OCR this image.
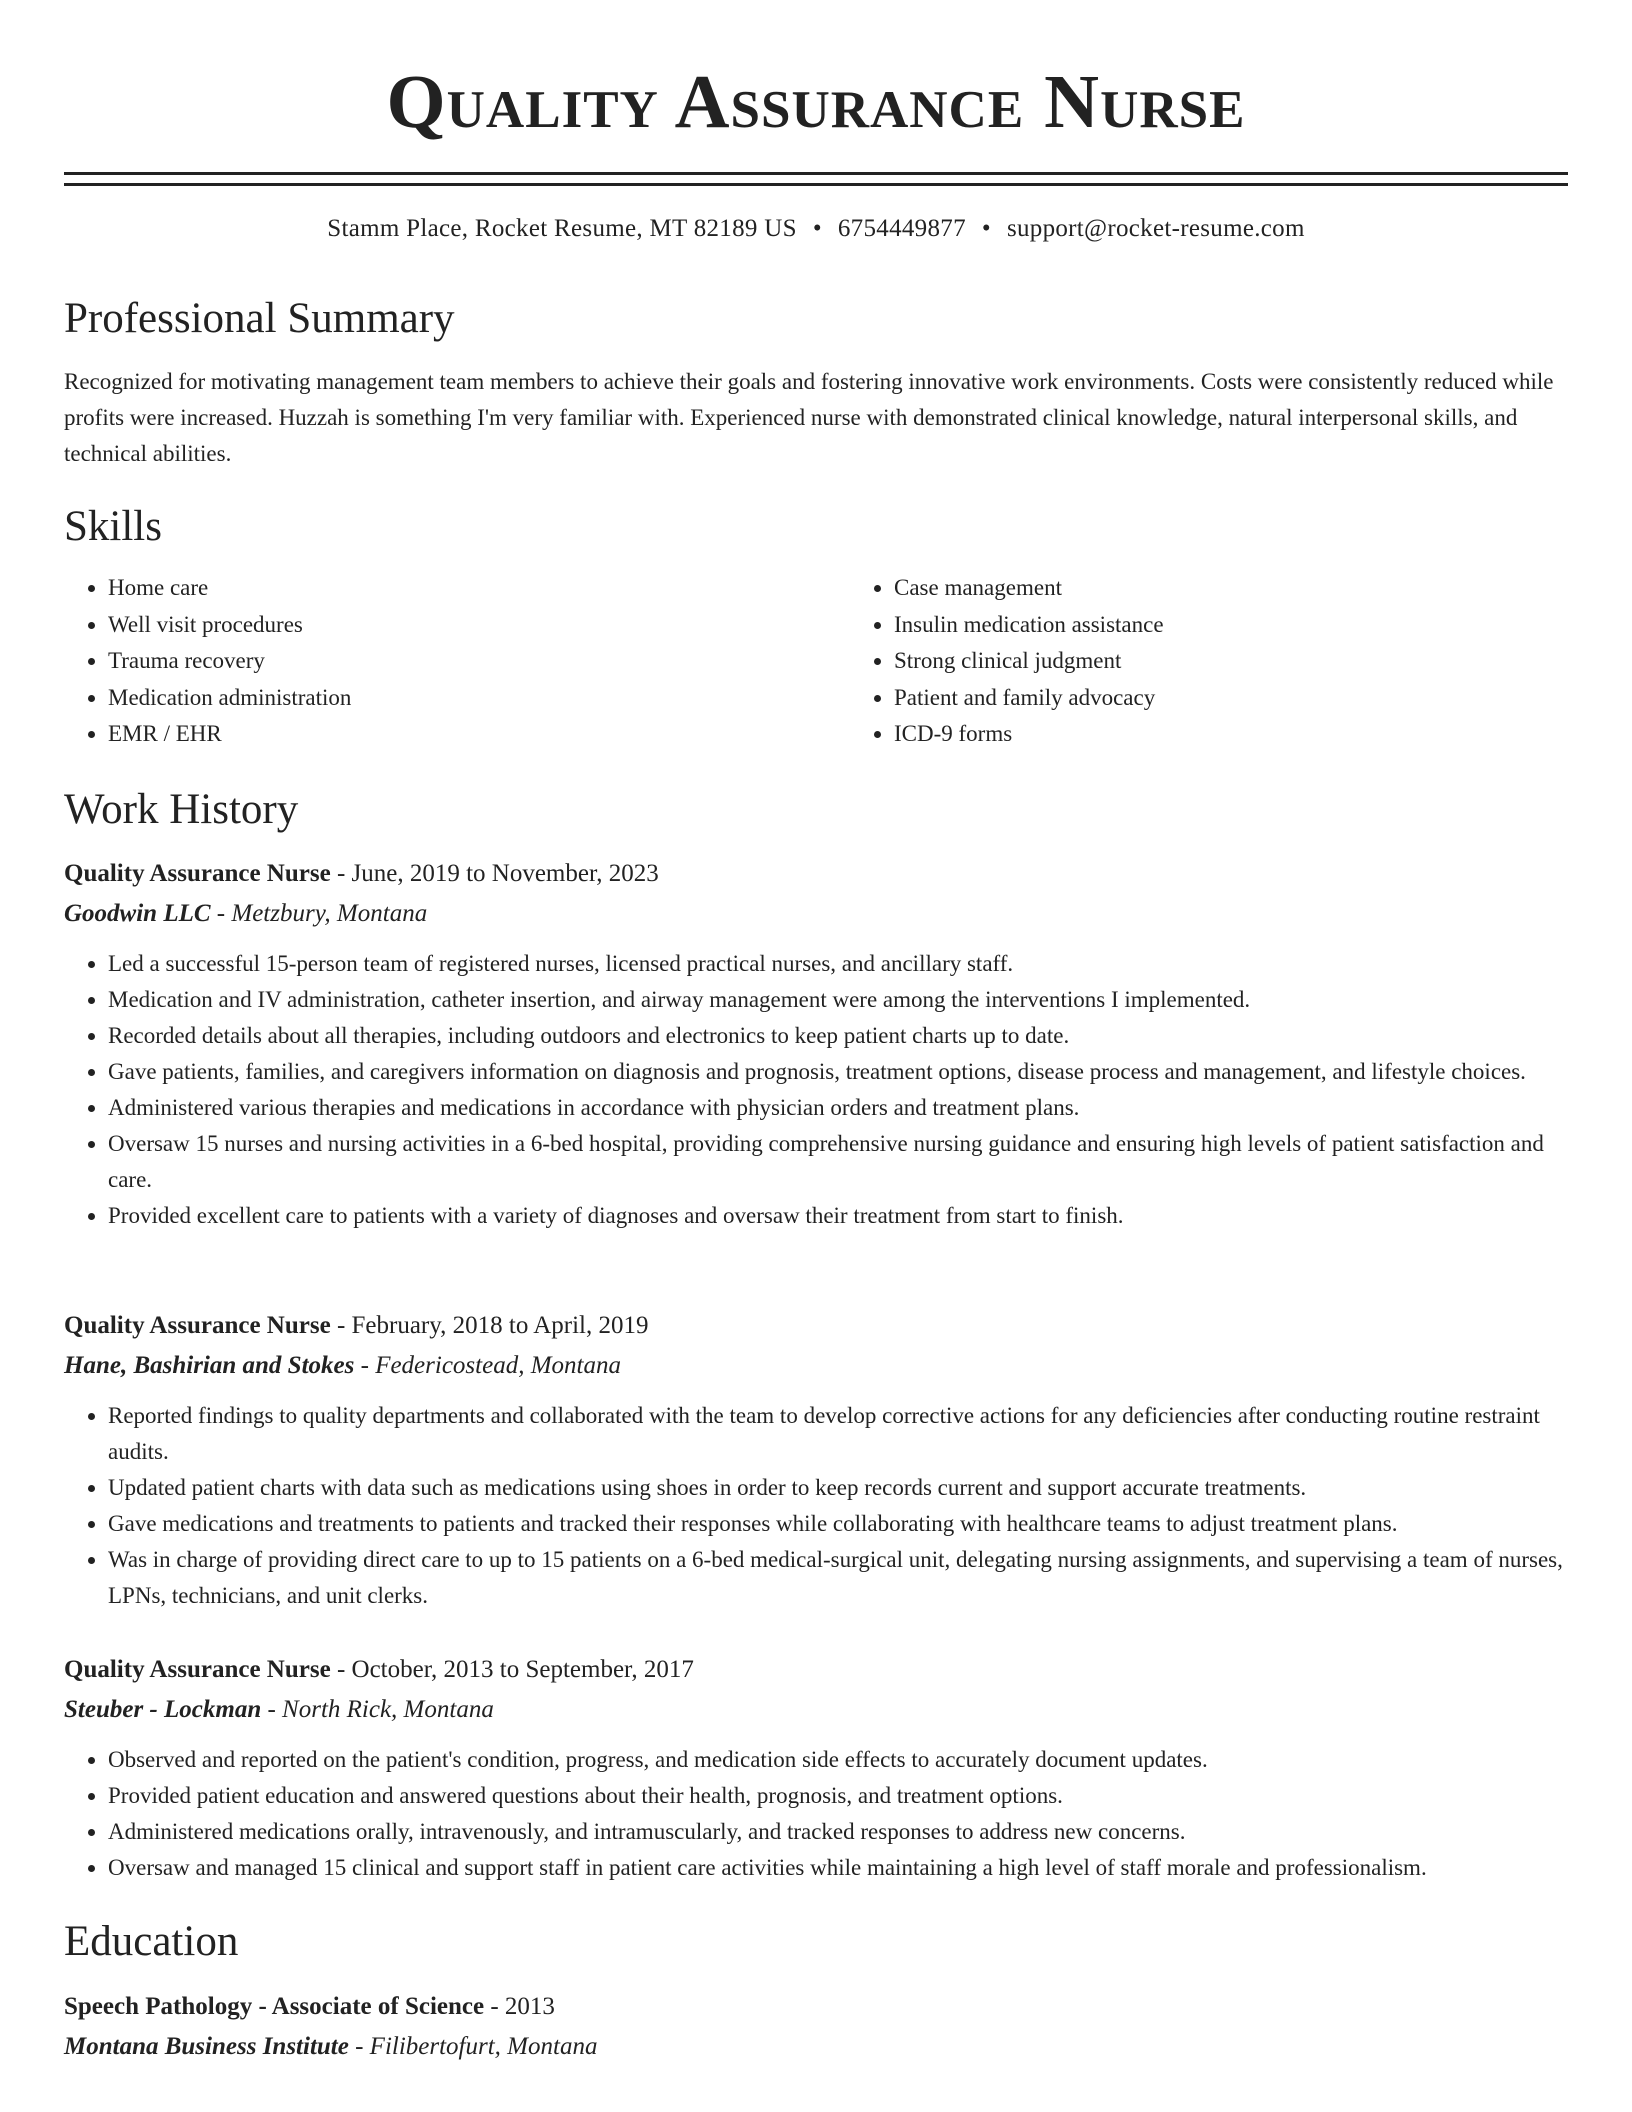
Quality Assurance Nurse
Stamm Place, Rocket Resume, MT 82189 US • 6754449877 • support@rocket-resume.com
Professional Summary

Recognized for motivating management team members to achieve their goals and fostering innovative work environments. Costs were consistently reduced while profits were increased. Huzzah is something I'm very familiar with. Experienced nurse with demonstrated clinical knowledge, natural interpersonal skills, and technical abilities.

Skills
• Home care
• Well visit procedures
• Trauma recovery
• Medication administration
• EMR / EHR
• Case management
• Insulin medication assistance
• Strong clinical judgment
• Patient and family advocacy
• ICD-9 forms
Work History
Quality Assurance Nurse - June, 2019 to November, 2023
Goodwin LLC - Metzbury, Montana
• Led a successful 15-person team of registered nurses, licensed practical nurses, and ancillary staff.
• Medication and IV administration, catheter insertion, and airway management were among the interventions I implemented.
• Recorded details about all therapies, including outdoors and electronics to keep patient charts up to date.
• Gave patients, families, and caregivers information on diagnosis and prognosis, treatment options, disease process and management, and lifestyle choices.
• Administered various therapies and medications in accordance with physician orders and treatment plans.
• Oversaw 15 nurses and nursing activities in a 6-bed hospital, providing comprehensive nursing guidance and ensuring high levels of patient satisfaction and care.
• Provided excellent care to patients with a variety of diagnoses and oversaw their treatment from start to finish.
Quality Assurance Nurse - February, 2018 to April, 2019
Hane, Bashirian and Stokes - Federicostead, Montana
• Reported findings to quality departments and collaborated with the team to develop corrective actions for any deficiencies after conducting routine restraint audits.
• Updated patient charts with data such as medications using shoes in order to keep records current and support accurate treatments.
• Gave medications and treatments to patients and tracked their responses while collaborating with healthcare teams to adjust treatment plans.
• Was in charge of providing direct care to up to 15 patients on a 6-bed medical-surgical unit, delegating nursing assignments, and supervising a team of nurses, LPNs, technicians, and unit clerks.
Quality Assurance Nurse - October, 2013 to September, 2017
Steuber - Lockman - North Rick, Montana
• Observed and reported on the patient's condition, progress, and medication side effects to accurately document updates.
• Provided patient education and answered questions about their health, prognosis, and treatment options.
• Administered medications orally, intravenously, and intramuscularly, and tracked responses to address new concerns.
• Oversaw and managed 15 clinical and support staff in patient care activities while maintaining a high level of staff morale and professionalism.
Education
Speech Pathology - Associate of Science - 2013
Montana Business Institute - Filibertofurt, Montana
